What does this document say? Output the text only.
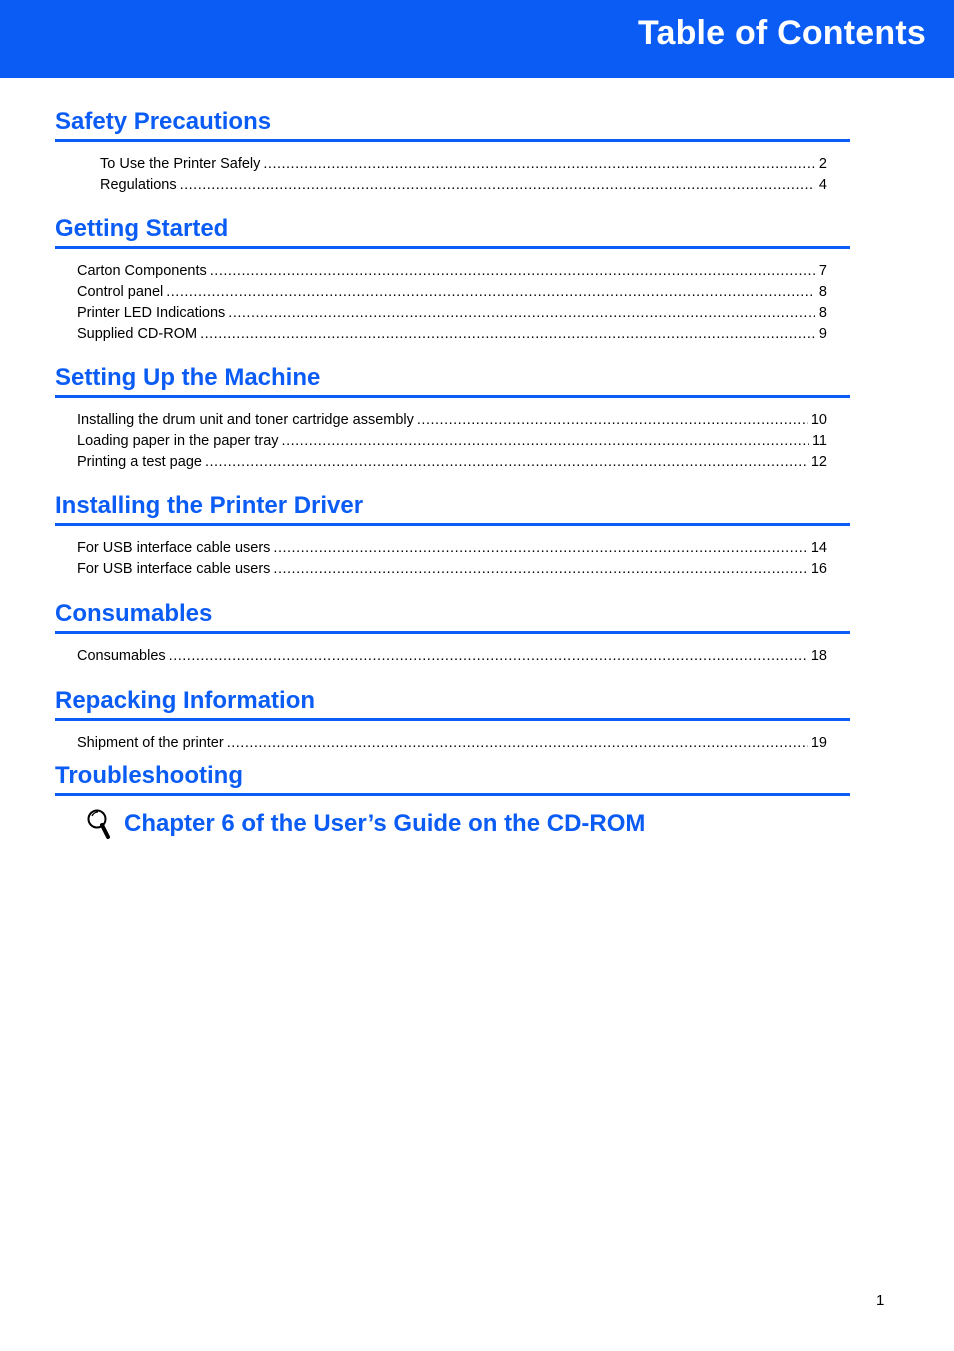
Table of Contents
Safety Precautions
To Use the Printer Safely .....	2
Regulations .....	4
Getting Started
Carton Components .....	7
Control panel .....	8
Printer LED Indications .....	8
Supplied CD-ROM .....	9
Setting Up the Machine
Installing the drum unit and toner cartridge assembly .....	10
Loading paper in the paper tray .....	11
Printing a test page .....	12
Installing the Printer Driver
For USB interface cable users .....	14
For USB interface cable users .....	16
Consumables
Consumables .....	18
Repacking Information
Shipment of the printer .....	19
Troubleshooting
Chapter 6 of the User’s Guide on the CD-ROM
1
